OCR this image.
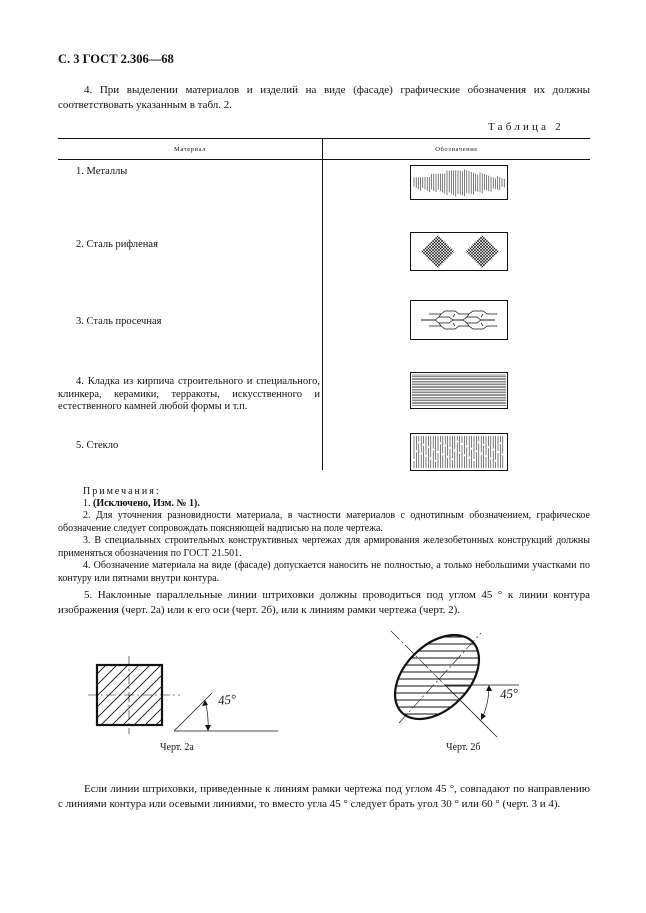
С. 3 ГОСТ 2.306—68
4. При выделении материалов и изделий на виде (фасаде) графические обозначения их должны соответствовать указанным в табл. 2.
Таблица 2
Материал	Обозначение
1. Металлы
2. Сталь рифленая
3. Сталь просечная
4. Кладка из кирпича строительного и специального, клинкера, керамики, терракоты, искусственного и естественного камней любой формы и т.п.
5. Стекло
Примечания:
1. (Исключено, Изм. № 1).
2. Для уточнения разновидности материала, в частности материалов с однотипным обозначением, графическое обозначение следует сопровождать поясняющей надписью на поле чертежа.
3. В специальных строительных конструктивных чертежах для армирования железобетонных конструкций должны применяться обозначения по ГОСТ 21.501.
4. Обозначение материала на виде (фасаде) допускается наносить не полностью, а только небольшими участками по контуру или пятнами внутри контура.
5. Наклонные параллельные линии штриховки должны проводиться под углом 45 ° к линии контура изображения (черт. 2а) или к его оси (черт. 2б), или к линиям рамки чертежа (черт. 2).
45°
Черт. 2а
45°
Черт. 2б
Если линии штриховки, приведенные к линиям рамки чертежа под углом 45 °, совпадают по направлению с линиями контура или осевыми линиями, то вместо угла 45 ° следует брать угол 30 ° или 60 ° (черт. 3 и 4).
